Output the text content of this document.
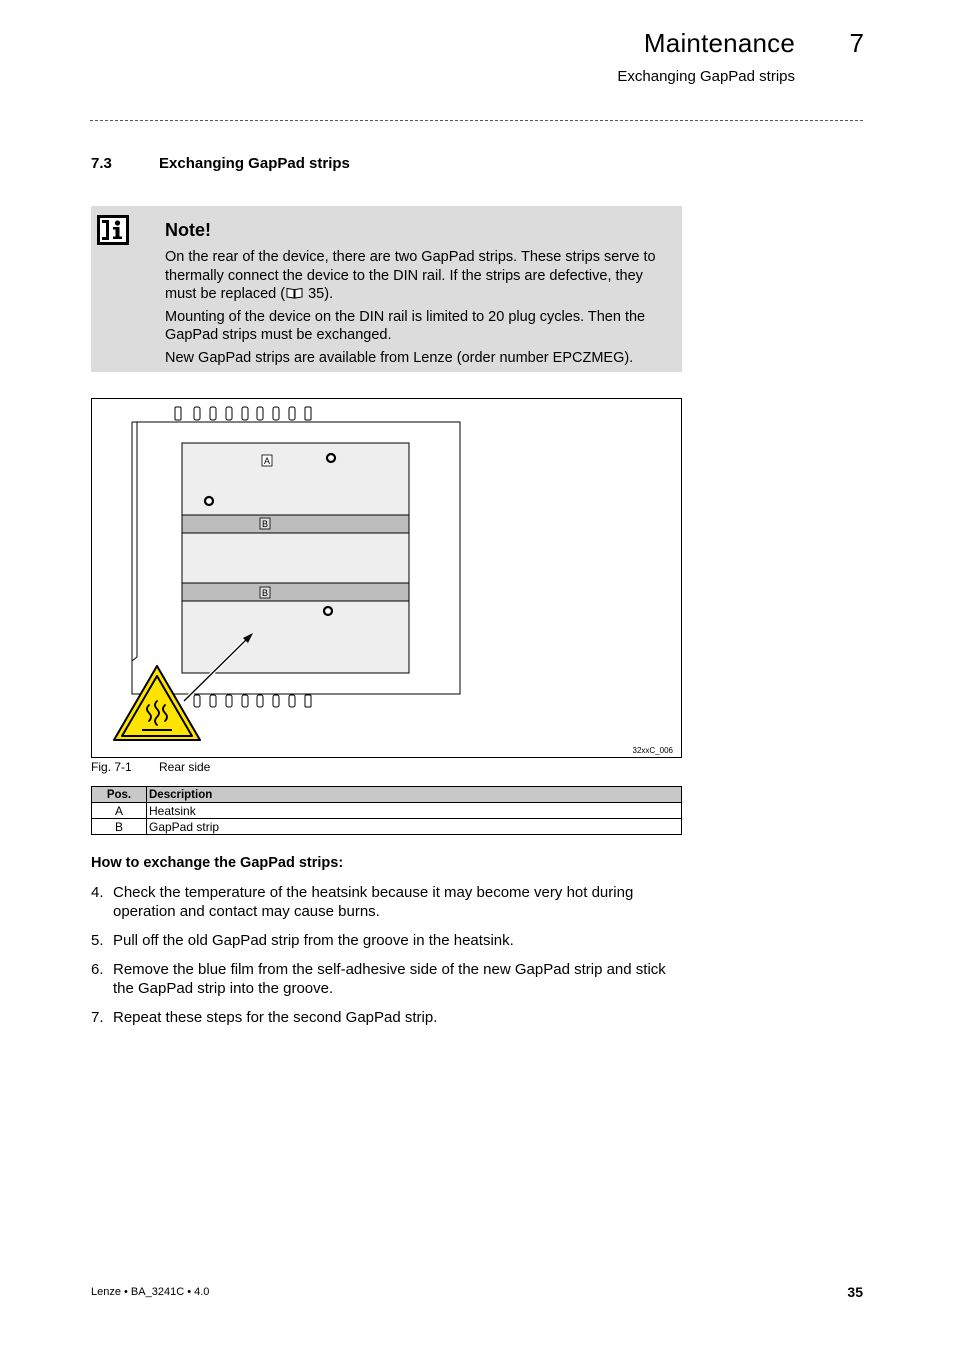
Maintenance	7
Exchanging GapPad strips
7.3	Exchanging GapPad strips
Note!

On the rear of the device, there are two GapPad strips. These strips serve to thermally connect the device to the DIN rail. If the strips are defective, they must be replaced ( 35).

Mounting of the device on the DIN rail is limited to 20 plug cycles. Then the GapPad strips must be exchanged.

New GapPad strips are available from Lenze (order number EPCZMEG).

A
B
B
32xxC_006
Fig. 7-1 Rear side
Pos.	Description
A	Heatsink
B	GapPad strip
How to exchange the GapPad strips:
4. Check the temperature of the heatsink because it may become very hot during operation and contact may cause burns.
5. Pull off the old GapPad strip from the groove in the heatsink.
6. Remove the blue film from the self-adhesive side of the new GapPad strip and stick the GapPad strip into the groove.
7. Repeat these steps for the second GapPad strip.
Lenze • BA_3241C • 4.0	35
